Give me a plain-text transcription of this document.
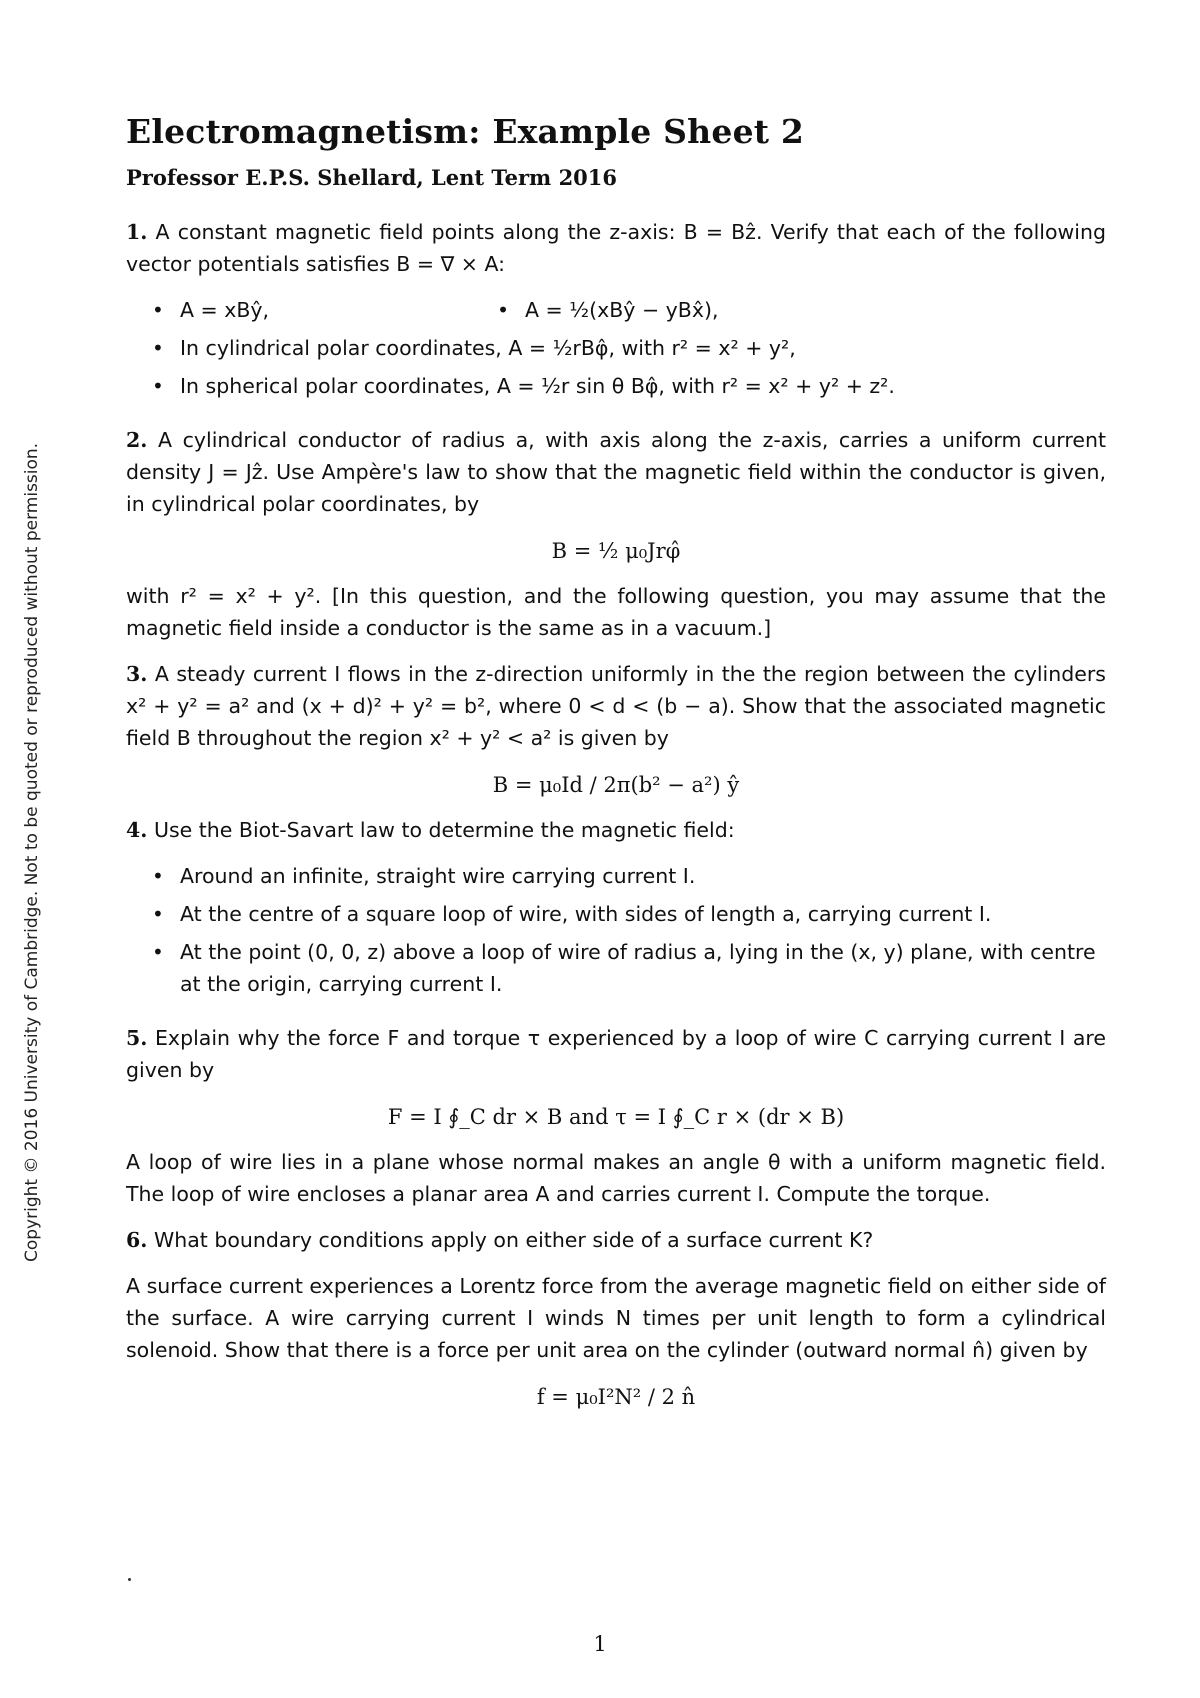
Copyright © 2016 University of Cambridge. Not to be quoted or reproduced without permission.
Electromagnetism: Example Sheet 2
Professor E.P.S. Shellard, Lent Term 2016

1. A constant magnetic field points along the z-axis: B = Bẑ. Verify that each of the following vector potentials satisfies B = ∇ × A:

• A = xBŷ,	• A = ½(xBŷ − yBx̂),
• In cylindrical polar coordinates, A = ½rBφ̂, with r² = x² + y²,
• In spherical polar coordinates, A = ½r sin θ Bφ̂, with r² = x² + y² + z².

2. A cylindrical conductor of radius a, with axis along the z-axis, carries a uniform current density J = Jẑ. Use Ampère's law to show that the magnetic field within the conductor is given, in cylindrical polar coordinates, by

B = ½ μ₀Jrφ̂

with r² = x² + y². [In this question, and the following question, you may assume that the magnetic field inside a conductor is the same as in a vacuum.]

3. A steady current I flows in the z-direction uniformly in the the region between the cylinders x² + y² = a² and (x + d)² + y² = b², where 0 < d < (b − a). Show that the associated magnetic field B throughout the region x² + y² < a² is given by

B = μ₀Id / 2π(b² − a²) ŷ

4. Use the Biot-Savart law to determine the magnetic field:

• Around an infinite, straight wire carrying current I.
• At the centre of a square loop of wire, with sides of length a, carrying current I.
• At the point (0, 0, z) above a loop of wire of radius a, lying in the (x, y) plane, with centre at the origin, carrying current I.

5. Explain why the force F and torque τ experienced by a loop of wire C carrying current I are given by

F = I ∮_C dr × B and τ = I ∮_C r × (dr × B)

A loop of wire lies in a plane whose normal makes an angle θ with a uniform magnetic field. The loop of wire encloses a planar area A and carries current I. Compute the torque.

6. What boundary conditions apply on either side of a surface current K?

A surface current experiences a Lorentz force from the average magnetic field on either side of the surface. A wire carrying current I winds N times per unit length to form a cylindrical solenoid. Show that there is a force per unit area on the cylinder (outward normal n̂) given by

f = μ₀I²N² / 2 n̂
1
